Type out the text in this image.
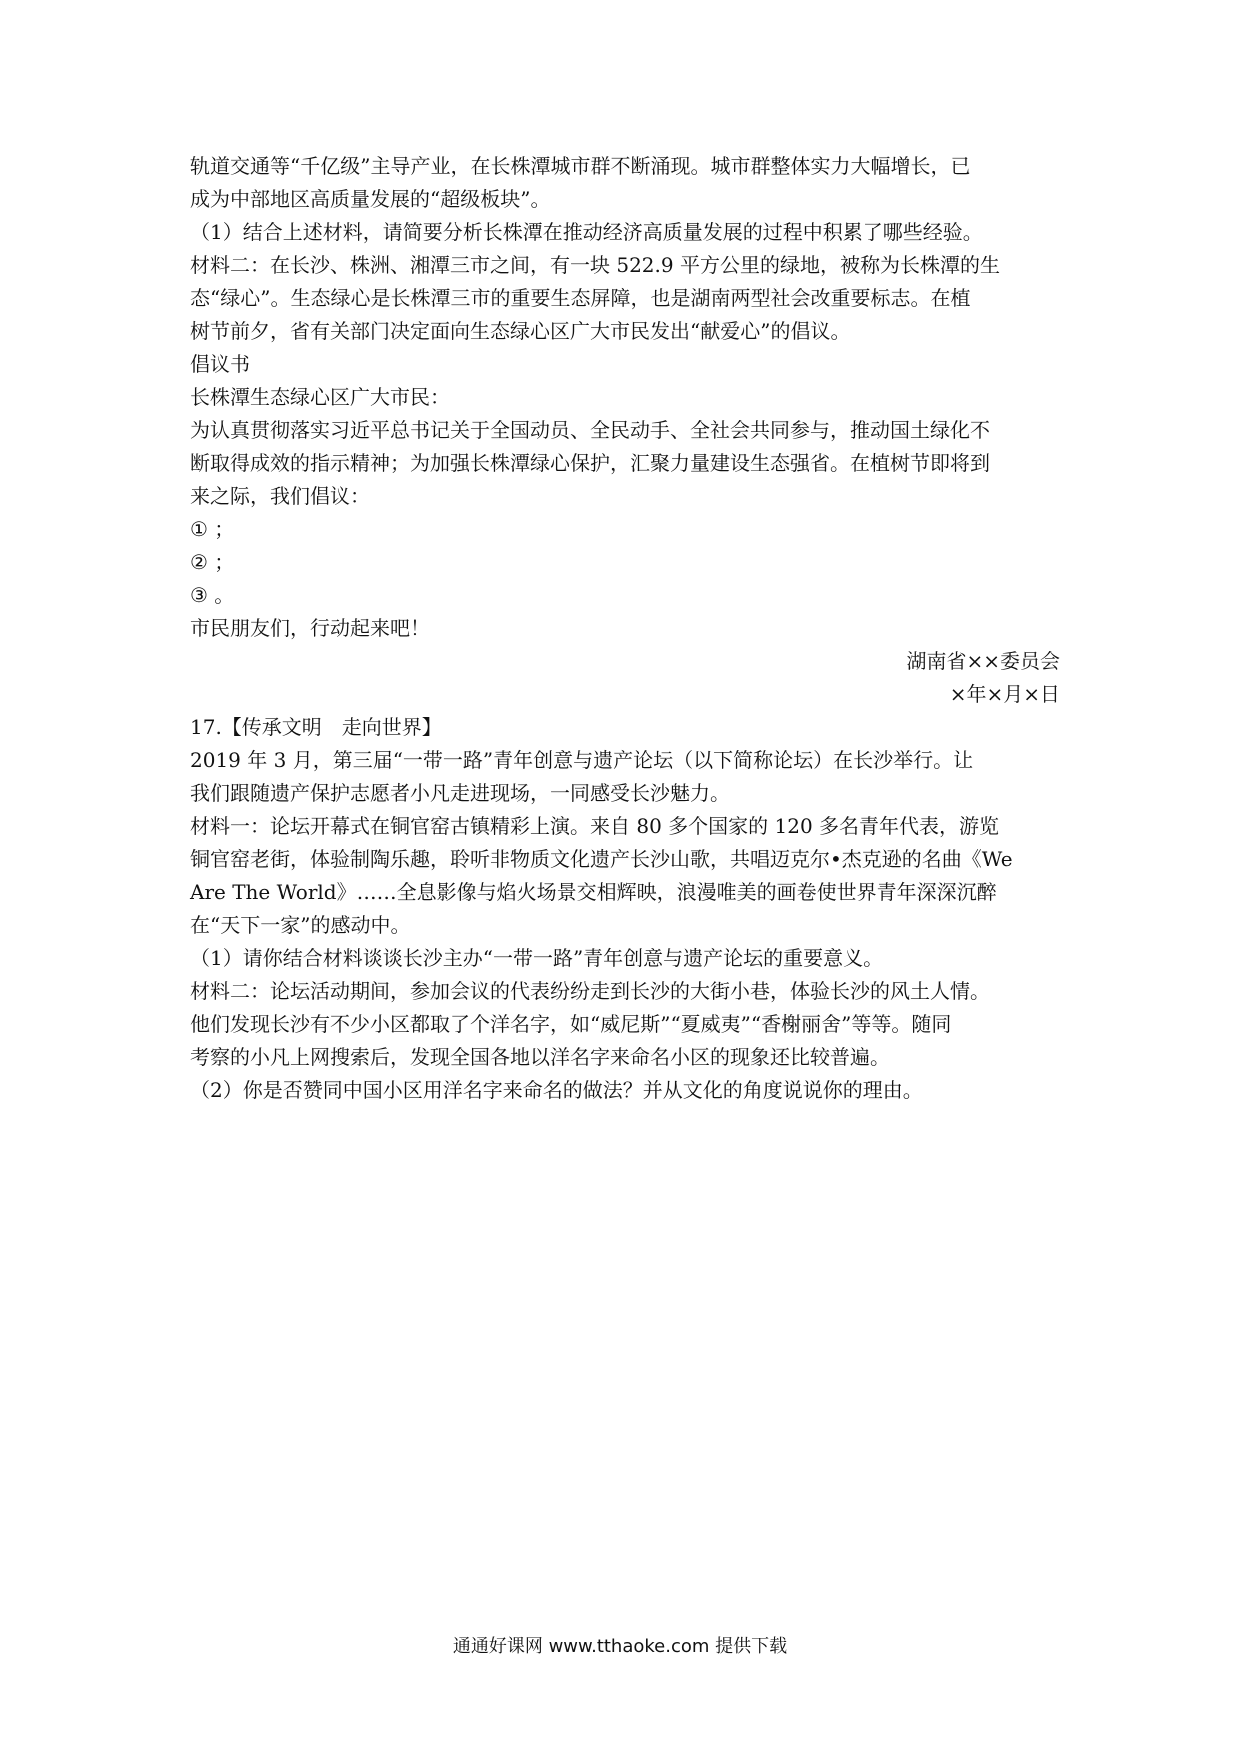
轨道交通等“千亿级”主导产业，在长株潭城市群不断涌现。城市群整体实力大幅增长，已
成为中部地区高质量发展的“超级板块”。
（1）结合上述材料，请简要分析长株潭在推动经济高质量发展的过程中积累了哪些经验。
材料二：在长沙、株洲、湘潭三市之间，有一块 522.9 平方公里的绿地，被称为长株潭的生
态“绿心”。生态绿心是长株潭三市的重要生态屏障，也是湖南两型社会改重要标志。在植
树节前夕，省有关部门决定面向生态绿心区广大市民发出“献爱心”的倡议。
倡议书
长株潭生态绿心区广大市民：
为认真贯彻落实习近平总书记关于全国动员、全民动手、全社会共同参与，推动国土绿化不
断取得成效的指示精神；为加强长株潭绿心保护，汇聚力量建设生态强省。在植树节即将到
来之际，我们倡议：
① ；
② ；
③ 。
市民朋友们，行动起来吧！
湖南省××委员会
×年×月×日
17.【传承文明　走向世界】
2019 年 3 月，第三届“一带一路”青年创意与遗产论坛（以下简称论坛）在长沙举行。让
我们跟随遗产保护志愿者小凡走进现场，一同感受长沙魅力。
材料一：论坛开幕式在铜官窑古镇精彩上演。来自 80 多个国家的 120 多名青年代表，游览
铜官窑老街，体验制陶乐趣，聆听非物质文化遗产长沙山歌，共唱迈克尔•杰克逊的名曲《We
Are The World》……全息影像与焰火场景交相辉映，浪漫唯美的画卷使世界青年深深沉醉
在“天下一家”的感动中。
（1）请你结合材料谈谈长沙主办“一带一路”青年创意与遗产论坛的重要意义。
材料二：论坛活动期间，参加会议的代表纷纷走到长沙的大街小巷，体验长沙的风土人情。
他们发现长沙有不少小区都取了个洋名字，如“威尼斯”“夏威夷”“香榭丽舍”等等。随同
考察的小凡上网搜索后，发现全国各地以洋名字来命名小区的现象还比较普遍。
（2）你是否赞同中国小区用洋名字来命名的做法？并从文化的角度说说你的理由。
通通好课网 www.tthaoke.com 提供下载
